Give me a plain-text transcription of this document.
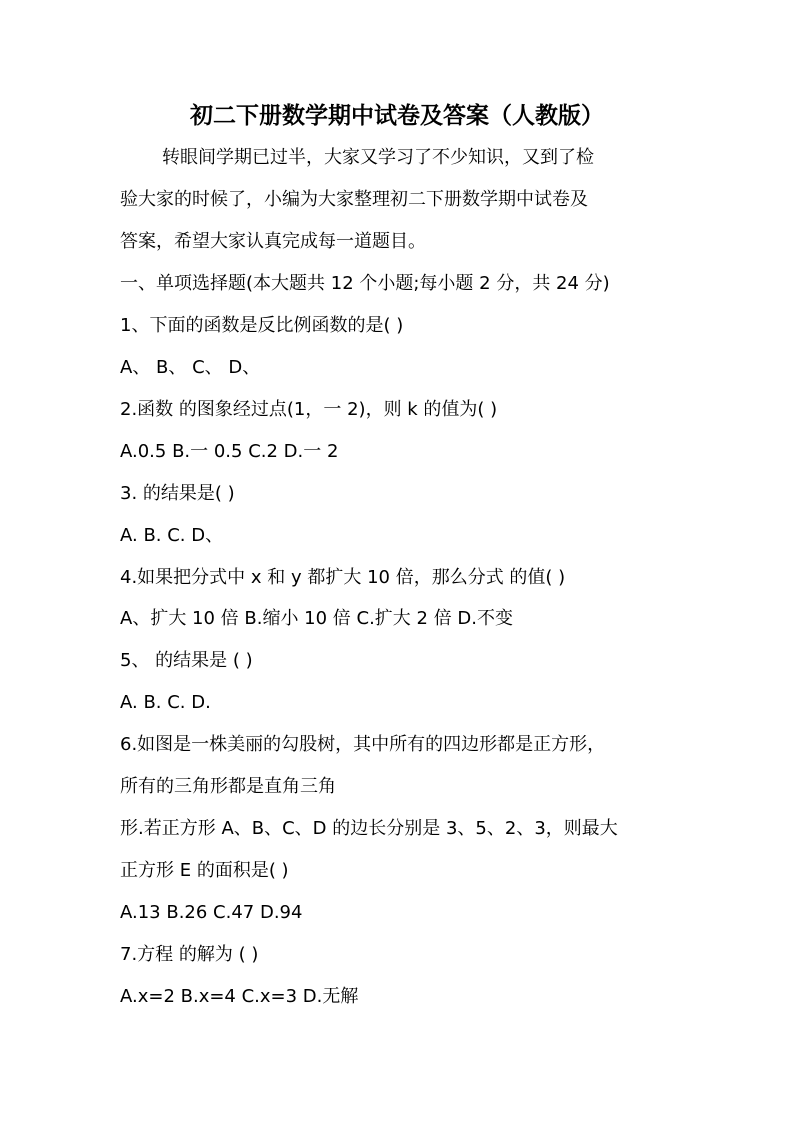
初二下册数学期中试卷及答案（人教版）
转眼间学期已过半，大家又学习了不少知识，又到了检
验大家的时候了，小编为大家整理初二下册数学期中试卷及
答案，希望大家认真完成每一道题目。
一、单项选择题(本大题共 12 个小题;每小题 2 分，共 24 分)
1、下面的函数是反比例函数的是( )
A、 B、 C、 D、
2.函数 的图象经过点(1，一 2)，则 k 的值为( )
A.0.5 B.一 0.5 C.2 D.一 2
3. 的结果是( )
A. B. C. D、
4.如果把分式中 x 和 y 都扩大 10 倍，那么分式 的值( )
A、扩大 10 倍 B.缩小 10 倍 C.扩大 2 倍 D.不变
5、 的结果是 ( )
A. B. C. D.
6.如图是一株美丽的勾股树，其中所有的四边形都是正方形，
所有的三角形都是直角三角
形.若正方形 A、B、C、D 的边长分别是 3、5、2、3，则最大
正方形 E 的面积是( )
A.13 B.26 C.47 D.94
7.方程 的解为 ( )
A.x=2 B.x=4 C.x=3 D.无解
